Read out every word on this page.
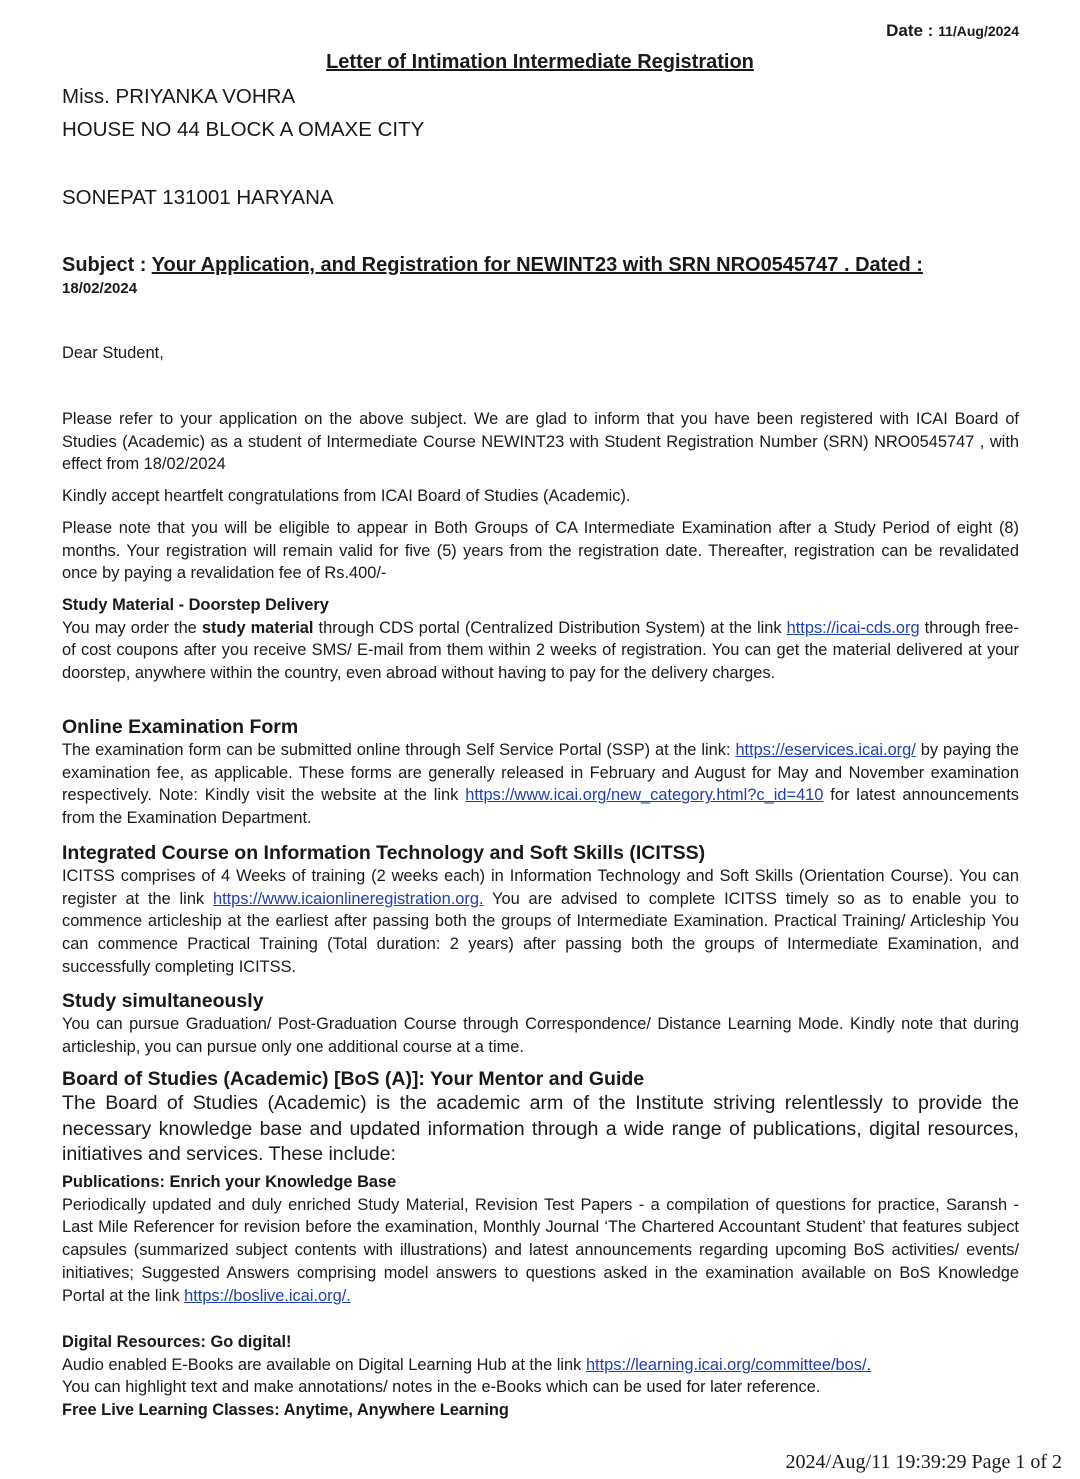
Date : 11/Aug/2024
Letter of Intimation Intermediate Registration
Miss. PRIYANKA VOHRA
HOUSE NO 44 BLOCK A OMAXE CITY
SONEPAT 131001 HARYANA
Subject : Your Application, and Registration for NEWINT23 with SRN NRO0545747 . Dated :
18/02/2024
Dear Student,
Please refer to your application on the above subject. We are glad to inform that you have been registered with ICAI Board of Studies (Academic) as a student of Intermediate Course NEWINT23 with Student Registration Number (SRN) NRO0545747 , with effect from 18/02/2024
Kindly accept heartfelt congratulations from ICAI Board of Studies (Academic).
Please note that you will be eligible to appear in Both Groups of CA Intermediate Examination after a Study Period of eight (8) months. Your registration will remain valid for five (5) years from the registration date. Thereafter, registration can be revalidated once by paying a revalidation fee of Rs.400/-

Study Material - Doorstep Delivery

You may order the study material through CDS portal (Centralized Distribution System) at the link https://icai-cds.org through free-of cost coupons after you receive SMS/ E-mail from them within 2 weeks of registration. You can get the material delivered at your doorstep, anywhere within the country, even abroad without having to pay for the delivery charges.

Online Examination Form

The examination form can be submitted online through Self Service Portal (SSP) at the link: https://eservices.icai.org/ by paying the examination fee, as applicable. These forms are generally released in February and August for May and November examination respectively. Note: Kindly visit the website at the link https://www.icai.org/new_category.html?c_id=410 for latest announcements from the Examination Department.

Integrated Course on Information Technology and Soft Skills (ICITSS)

ICITSS comprises of 4 Weeks of training (2 weeks each) in Information Technology and Soft Skills (Orientation Course). You can register at the link https://www.icaionlineregistration.org. You are advised to complete ICITSS timely so as to enable you to commence articleship at the earliest after passing both the groups of Intermediate Examination. Practical Training/ Articleship You can commence Practical Training (Total duration: 2 years) after passing both the groups of Intermediate Examination, and successfully completing ICITSS.

Study simultaneously

You can pursue Graduation/ Post-Graduation Course through Correspondence/ Distance Learning Mode. Kindly note that during articleship, you can pursue only one additional course at a time.

Board of Studies (Academic) [BoS (A)]: Your Mentor and Guide

The Board of Studies (Academic) is the academic arm of the Institute striving relentlessly to provide the necessary knowledge base and updated information through a wide range of publications, digital resources, initiatives and services. These include:

Publications: Enrich your Knowledge Base

Periodically updated and duly enriched Study Material, Revision Test Papers - a compilation of questions for practice, Saransh - Last Mile Referencer for revision before the examination, Monthly Journal ‘The Chartered Accountant Student’ that features subject capsules (summarized subject contents with illustrations) and latest announcements regarding upcoming BoS activities/ events/ initiatives; Suggested Answers comprising model answers to questions asked in the examination available on BoS Knowledge Portal at the link https://boslive.icai.org/.

Digital Resources: Go digital!

Audio enabled E-Books are available on Digital Learning Hub at the link https://learning.icai.org/committee/bos/.

You can highlight text and make annotations/ notes in the e-Books which can be used for later reference.

Free Live Learning Classes: Anytime, Anywhere Learning

2024/Aug/11 19:39:29 Page 1 of 2
